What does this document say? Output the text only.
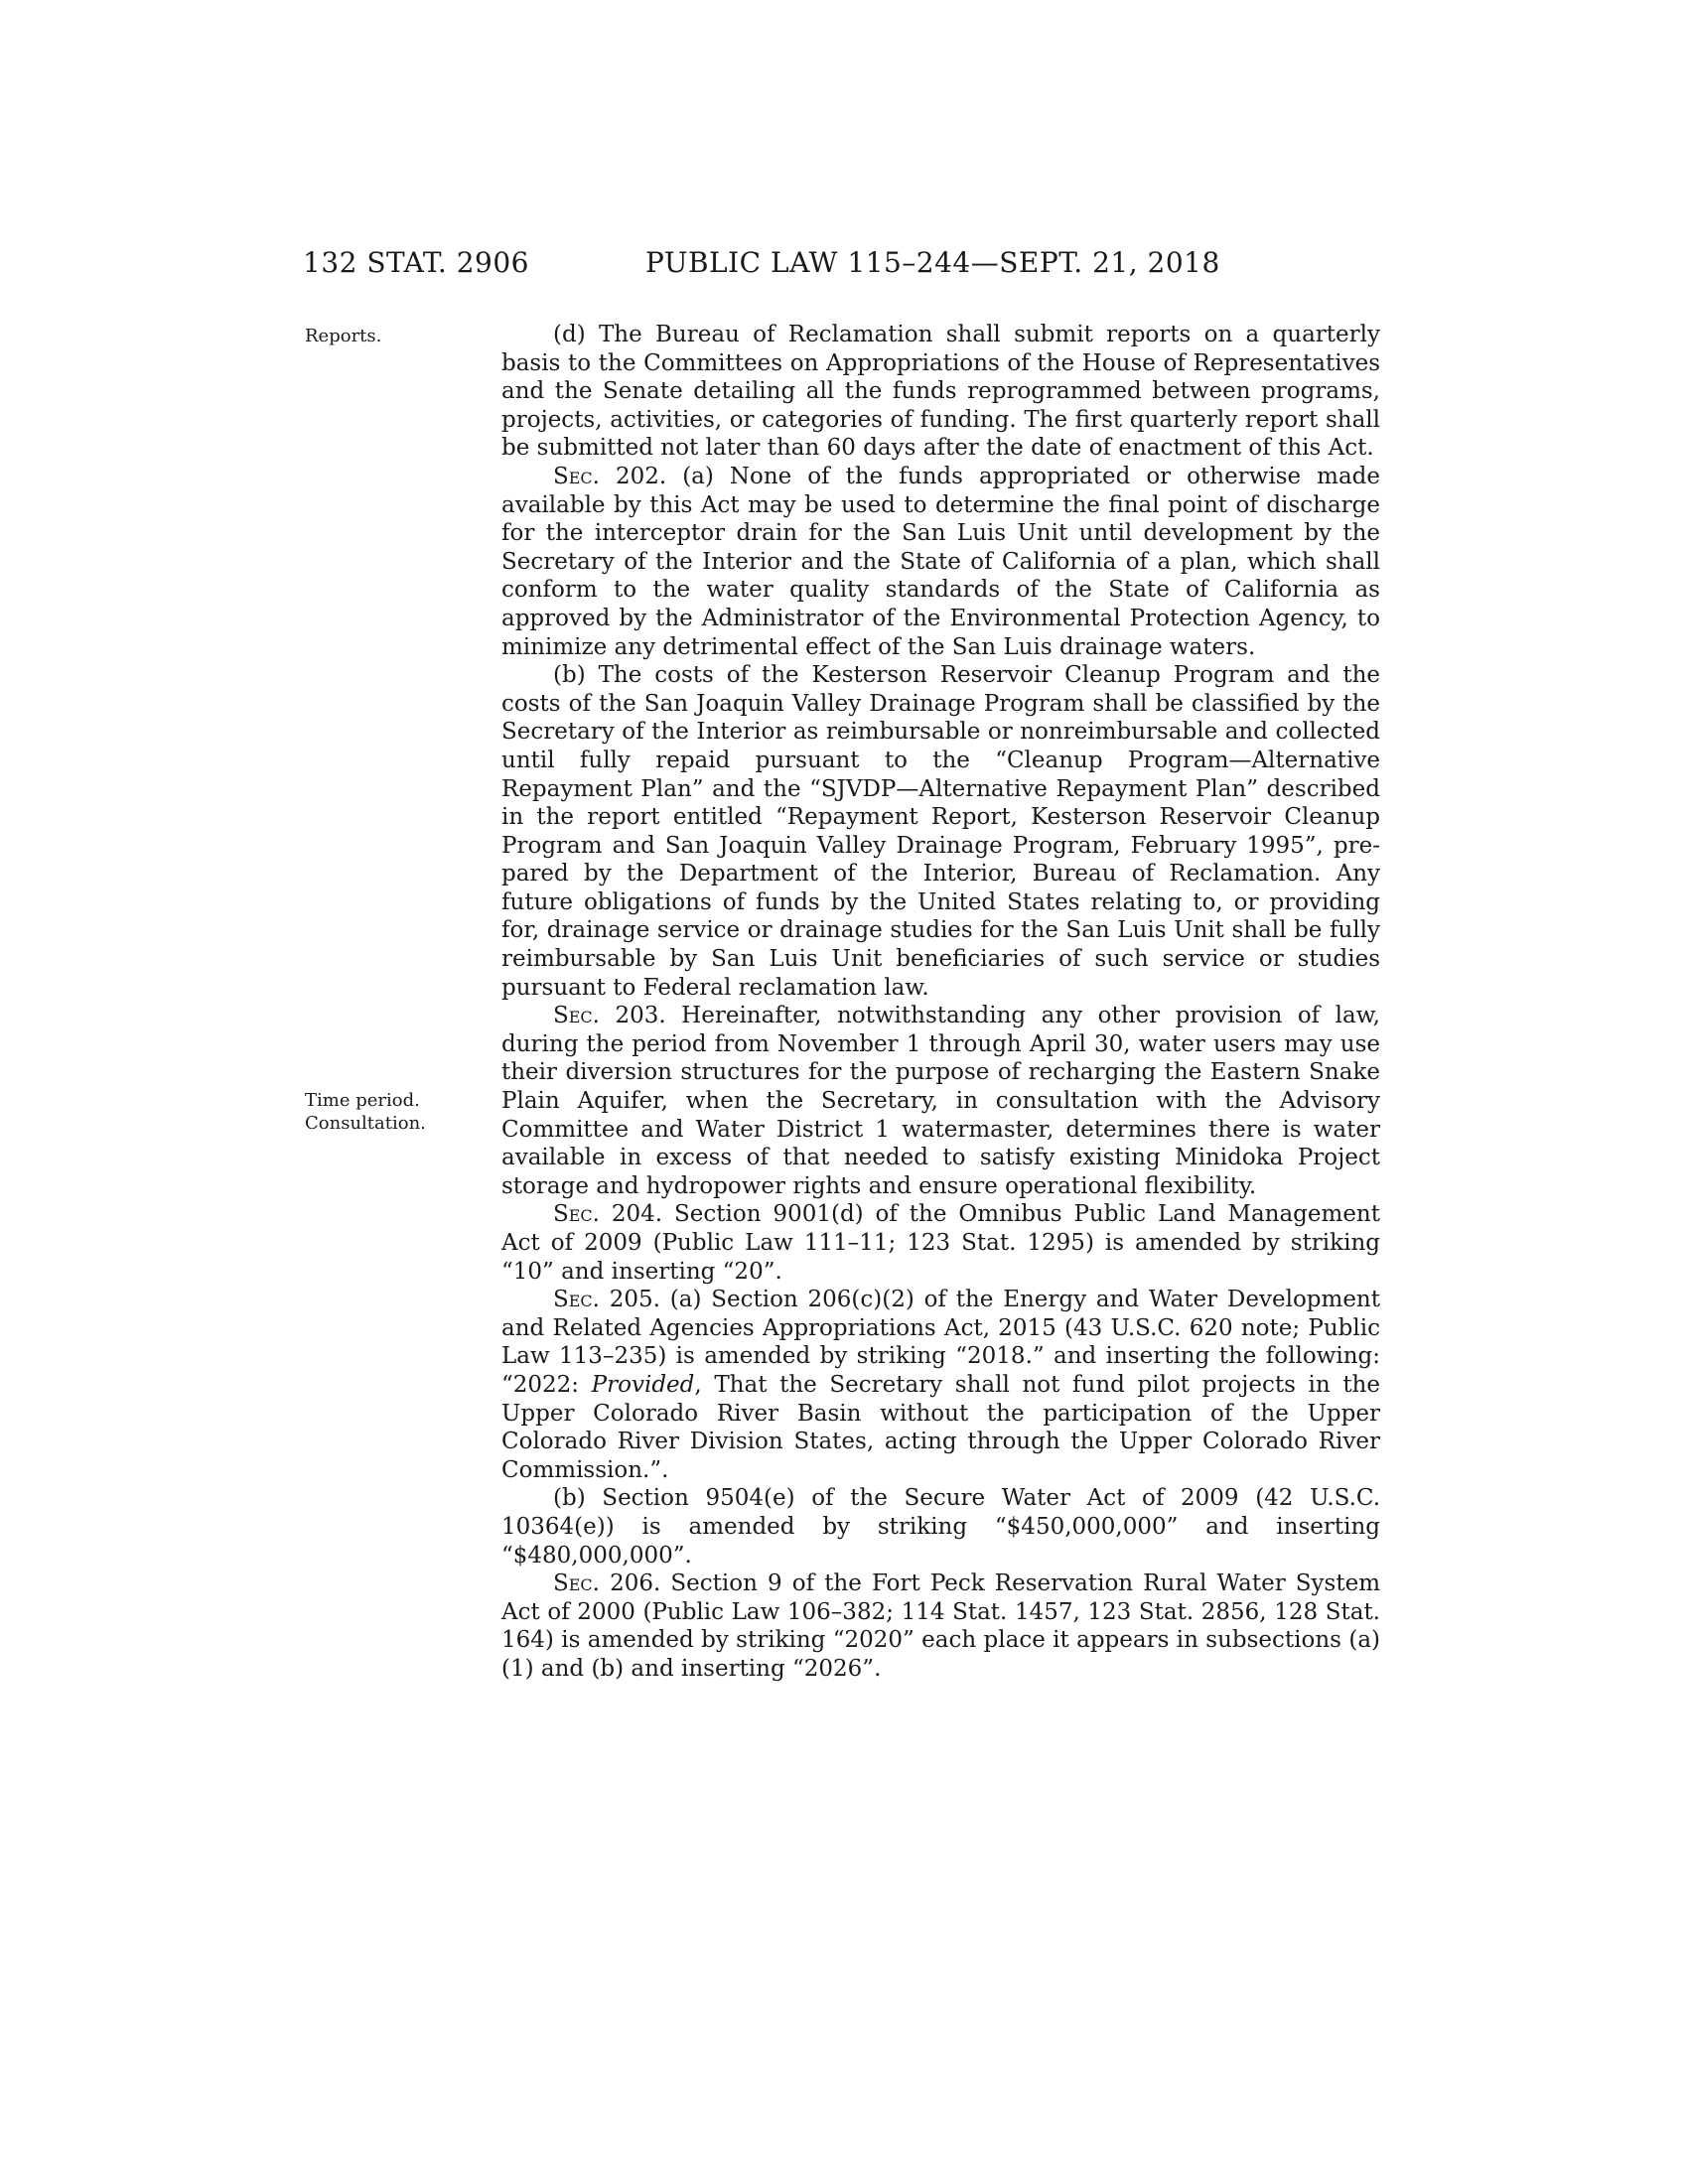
132 STAT. 2906	PUBLIC LAW 115–244—SEPT. 21, 2018
Reports.
Time period.
Consultation.

(d) The Bureau of Reclamation shall submit reports on a quarterly basis to the Committees on Appropriations of the House of Representatives and the Senate detailing all the funds reprogrammed between programs, projects, activities, or categories of funding. The first quarterly report shall be submitted not later than 60 days after the date of enactment of this Act.

Sec. 202. (a) None of the funds appropriated or otherwise made available by this Act may be used to determine the final point of discharge for the interceptor drain for the San Luis Unit until development by the Secretary of the Interior and the State of California of a plan, which shall conform to the water quality standards of the State of California as approved by the Administrator of the Environmental Protection Agency, to minimize any detrimental effect of the San Luis drainage waters.

(b) The costs of the Kesterson Reservoir Cleanup Program and the costs of the San Joaquin Valley Drainage Program shall be classified by the Secretary of the Interior as reimbursable or nonreimbursable and collected until fully repaid pursuant to the “Cleanup Program—Alternative Repayment Plan” and the “SJVDP—Alternative Repayment Plan” described in the report entitled “Repayment Report, Kesterson Reservoir Cleanup Program and San Joaquin Valley Drainage Program, February 1995”, prepared by the Department of the Interior, Bureau of Reclamation. Any future obligations of funds by the United States relating to, or providing for, drainage service or drainage studies for the San Luis Unit shall be fully reimbursable by San Luis Unit beneficiaries of such service or studies pursuant to Federal reclamation law.

Sec. 203. Hereinafter, notwithstanding any other provision of law, during the period from November 1 through April 30, water users may use their diversion structures for the purpose of recharging the Eastern Snake Plain Aquifer, when the Secretary, in consultation with the Advisory Committee and Water District 1 watermaster, determines there is water available in excess of that needed to satisfy existing Minidoka Project storage and hydropower rights and ensure operational flexibility.

Sec. 204. Section 9001(d) of the Omnibus Public Land Management Act of 2009 (Public Law 111–11; 123 Stat. 1295) is amended by striking “10” and inserting “20”.

Sec. 205. (a) Section 206(c)(2) of the Energy and Water Development and Related Agencies Appropriations Act, 2015 (43 U.S.C. 620 note; Public Law 113–235) is amended by striking “2018.” and inserting the following: “2022: Provided, That the Secretary shall not fund pilot projects in the Upper Colorado River Basin without the participation of the Upper Colorado River Division States, acting through the Upper Colorado River Commission.”.

(b) Section 9504(e) of the Secure Water Act of 2009 (42 U.S.C. 10364(e)) is amended by striking “$450,000,000” and inserting “$480,000,000”.

Sec. 206. Section 9 of the Fort Peck Reservation Rural Water System Act of 2000 (Public Law 106–382; 114 Stat. 1457, 123 Stat. 2856, 128 Stat. 164) is amended by striking “2020” each place it appears in subsections (a)(1) and (b) and inserting “2026”.
